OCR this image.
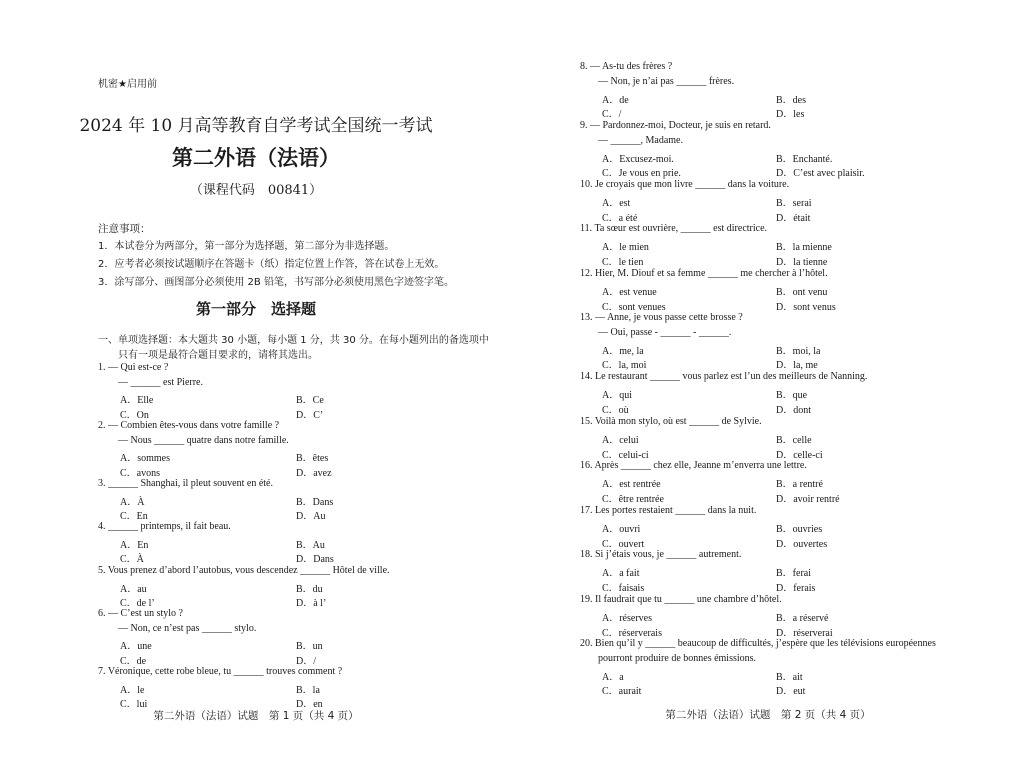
机密★启用前
2024 年 10 月高等教育自学考试全国统一考试
第二外语（法语）
（课程代码　00841）
注意事项：
1．本试卷分为两部分，第一部分为选择题，第二部分为非选择题。
2．应考者必须按试题顺序在答题卡（纸）指定位置上作答，答在试卷上无效。
3．涂写部分、画图部分必须使用 2B 铅笔，书写部分必须使用黑色字迹签字笔。
第一部分　选择题
一、单项选择题：本大题共 30 小题，每小题 1 分，共 30 分。在每小题列出的备选项中
只有一项是最符合题目要求的，请将其选出。
1. — Qui est-ce ?
— ______ est Pierre.
A．Elle	B．Ce
C．On	D．C’
2. — Combien êtes-vous dans votre famille ?
— Nous ______ quatre dans notre famille.
A．sommes	B．êtes
C．avons	D．avez
3. ______ Shanghai, il pleut souvent en été.
A．À	B．Dans
C．En	D．Au
4. ______ printemps, il fait beau.
A．En	B．Au
C．À	D．Dans
5. Vous prenez d’abord l’autobus, vous descendez ______ Hôtel de ville.
A．au	B．du
C．de l’	D．à l’
6. — C’est un stylo ?
— Non, ce n’est pas ______ stylo.
A．une	B．un
C．de	D．/
7. Véronique, cette robe bleue, tu ______ trouves comment ?
A．le	B．la
C．lui	D．en
第二外语（法语）试题　第 1 页（共 4 页）
8. — As-tu des frères ?
— Non, je n’ai pas ______ frères.
A．de	B．des
C．/	D．les
9. — Pardonnez-moi, Docteur, je suis en retard.
— ______, Madame.
A．Excusez-moi.	B．Enchanté.
C．Je vous en prie.	D．C’est avec plaisir.
10. Je croyais que mon livre ______ dans la voiture.
A．est	B．serai
C．a été	D．était
11. Ta sœur est ouvrière, ______ est directrice.
A．le mien	B．la mienne
C．le tien	D．la tienne
12. Hier, M. Diouf et sa femme ______ me chercher à l’hôtel.
A．est venue	B．ont venu
C．sont venues	D．sont venus
13. — Anne, je vous passe cette brosse ?
— Oui, passe - ______ - ______.
A．me, la	B．moi, la
C．la, moi	D．la, me
14. Le restaurant ______ vous parlez est l’un des meilleurs de Nanning.
A．qui	B．que
C．où	D．dont
15. Voilà mon stylo, où est ______ de Sylvie.
A．celui	B．celle
C．celui-ci	D．celle-ci
16. Après ______ chez elle, Jeanne m’enverra une lettre.
A．est rentrée	B．a rentré
C．être rentrée	D．avoir rentré
17. Les portes restaient ______ dans la nuit.
A．ouvri	B．ouvries
C．ouvert	D．ouvertes
18. Si j’étais vous, je ______ autrement.
A．a fait	B．ferai
C．faisais	D．ferais
19. Il faudrait que tu ______ une chambre d’hôtel.
A．réserves	B．a réservé
C．réserverais	D．réserverai
20. Bien qu’il y ______ beaucoup de difficultés, j’espère que les télévisions européennes
pourront produire de bonnes émissions.
A．a	B．ait
C．aurait	D．eut
第二外语（法语）试题　第 2 页（共 4 页）
